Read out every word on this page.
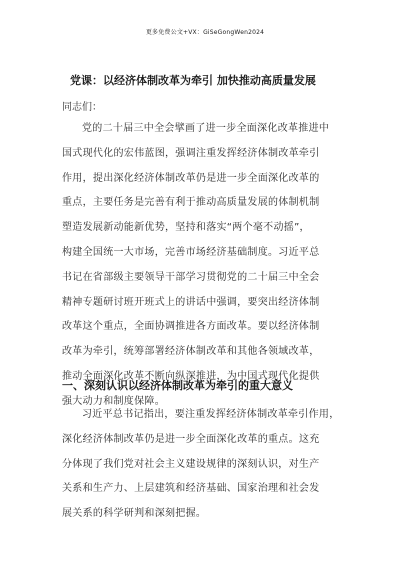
更多免费公文+VX：GiSeGongWen2024
党课：以经济体制改革为牵引 加快推动高质量发展
同志们：
党的二十届三中全会擘画了进一步全面深化改革推进中
国式现代化的宏伟蓝图，强调注重发挥经济体制改革牵引
作用，提出深化经济体制改革仍是进一步全面深化改革的
重点，主要任务是完善有利于推动高质量发展的体制机制
塑造发展新动能新优势，坚持和落实“两个毫不动摇”，
构建全国统一大市场，完善市场经济基础制度。习近平总
书记在省部级主要领导干部学习贯彻党的二十届三中全会
精神专题研讨班开班式上的讲话中强调，要突出经济体制
改革这个重点，全面协调推进各方面改革。要以经济体制
改革为牵引，统筹部署经济体制改革和其他各领域改革，
推动全面深化改革不断向纵深推进，为中国式现代化提供
强大动力和制度保障。
一、深刻认识以经济体制改革为牵引的重大意义
习近平总书记指出，要注重发挥经济体制改革牵引作用，
深化经济体制改革仍是进一步全面深化改革的重点。这充
分体现了我们党对社会主义建设规律的深刻认识，对生产
关系和生产力、上层建筑和经济基础、国家治理和社会发
展关系的科学研判和深刻把握。
